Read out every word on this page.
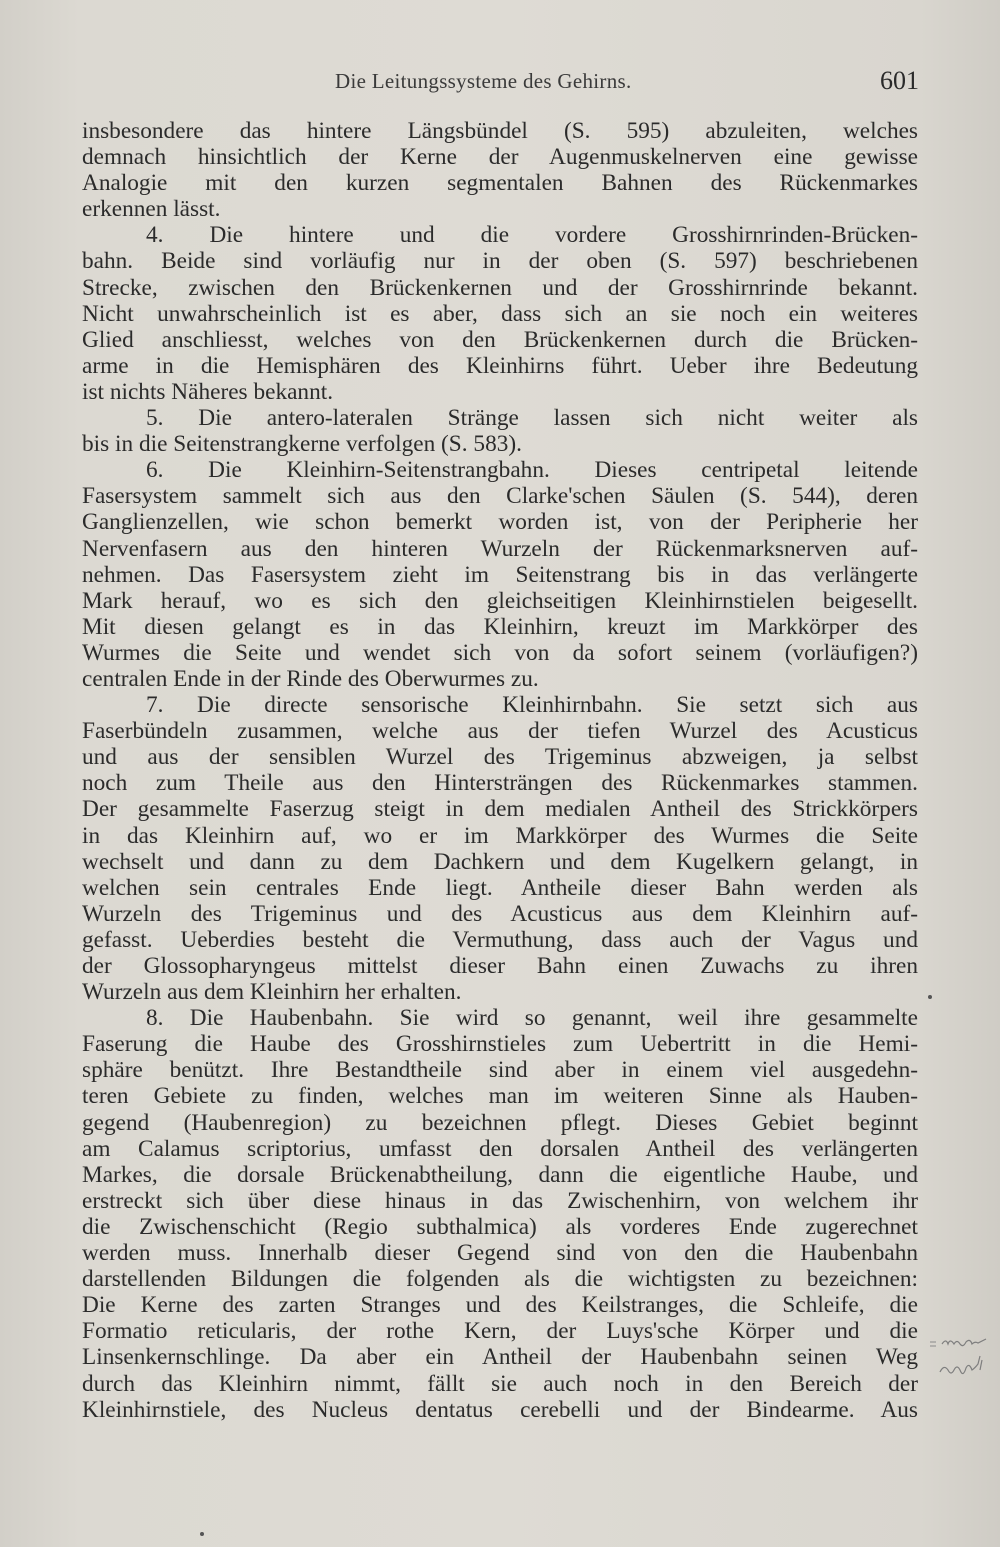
Die Leitungssysteme des Gehirns.	601
insbesondere das hintere Längsbündel (S. 595) abzuleiten, welches
demnach hinsichtlich der Kerne der Augenmuskelnerven eine gewisse
Analogie mit den kurzen segmentalen Bahnen des Rückenmarkes
erkennen lässt.
4. Die hintere und die vordere Grosshirnrinden-Brücken-
bahn. Beide sind vorläufig nur in der oben (S. 597) beschriebenen
Strecke, zwischen den Brückenkernen und der Grosshirnrinde bekannt.
Nicht unwahrscheinlich ist es aber, dass sich an sie noch ein weiteres
Glied anschliesst, welches von den Brückenkernen durch die Brücken-
arme in die Hemisphären des Kleinhirns führt. Ueber ihre Bedeutung
ist nichts Näheres bekannt.
5. Die antero-lateralen Stränge lassen sich nicht weiter als
bis in die Seitenstrangkerne verfolgen (S. 583).
6. Die Kleinhirn-Seitenstrangbahn. Dieses centripetal leitende
Fasersystem sammelt sich aus den Clarke'schen Säulen (S. 544), deren
Ganglienzellen, wie schon bemerkt worden ist, von der Peripherie her
Nervenfasern aus den hinteren Wurzeln der Rückenmarksnerven auf-
nehmen. Das Fasersystem zieht im Seitenstrang bis in das verlängerte
Mark herauf, wo es sich den gleichseitigen Kleinhirnstielen beigesellt.
Mit diesen gelangt es in das Kleinhirn, kreuzt im Markkörper des
Wurmes die Seite und wendet sich von da sofort seinem (vorläufigen?)
centralen Ende in der Rinde des Oberwurmes zu.
7. Die directe sensorische Kleinhirnbahn. Sie setzt sich aus
Faserbündeln zusammen, welche aus der tiefen Wurzel des Acusticus
und aus der sensiblen Wurzel des Trigeminus abzweigen, ja selbst
noch zum Theile aus den Hintersträngen des Rückenmarkes stammen.
Der gesammelte Faserzug steigt in dem medialen Antheil des Strickkörpers
in das Kleinhirn auf, wo er im Markkörper des Wurmes die Seite
wechselt und dann zu dem Dachkern und dem Kugelkern gelangt, in
welchen sein centrales Ende liegt. Antheile dieser Bahn werden als
Wurzeln des Trigeminus und des Acusticus aus dem Kleinhirn auf-
gefasst. Ueberdies besteht die Vermuthung, dass auch der Vagus und
der Glossopharyngeus mittelst dieser Bahn einen Zuwachs zu ihren
Wurzeln aus dem Kleinhirn her erhalten.
8. Die Haubenbahn. Sie wird so genannt, weil ihre gesammelte
Faserung die Haube des Grosshirnstieles zum Uebertritt in die Hemi-
sphäre benützt. Ihre Bestandtheile sind aber in einem viel ausgedehn-
teren Gebiete zu finden, welches man im weiteren Sinne als Hauben-
gegend (Haubenregion) zu bezeichnen pflegt. Dieses Gebiet beginnt
am Calamus scriptorius, umfasst den dorsalen Antheil des verlängerten
Markes, die dorsale Brückenabtheilung, dann die eigentliche Haube, und
erstreckt sich über diese hinaus in das Zwischenhirn, von welchem ihr
die Zwischenschicht (Regio subthalmica) als vorderes Ende zugerechnet
werden muss. Innerhalb dieser Gegend sind von den die Haubenbahn
darstellenden Bildungen die folgenden als die wichtigsten zu bezeichnen:
Die Kerne des zarten Stranges und des Keilstranges, die Schleife, die
Formatio reticularis, der rothe Kern, der Luys'sche Körper und die
Linsenkernschlinge. Da aber ein Antheil der Haubenbahn seinen Weg
durch das Kleinhirn nimmt, fällt sie auch noch in den Bereich der
Kleinhirnstiele, des Nucleus dentatus cerebelli und der Bindearme. Aus
